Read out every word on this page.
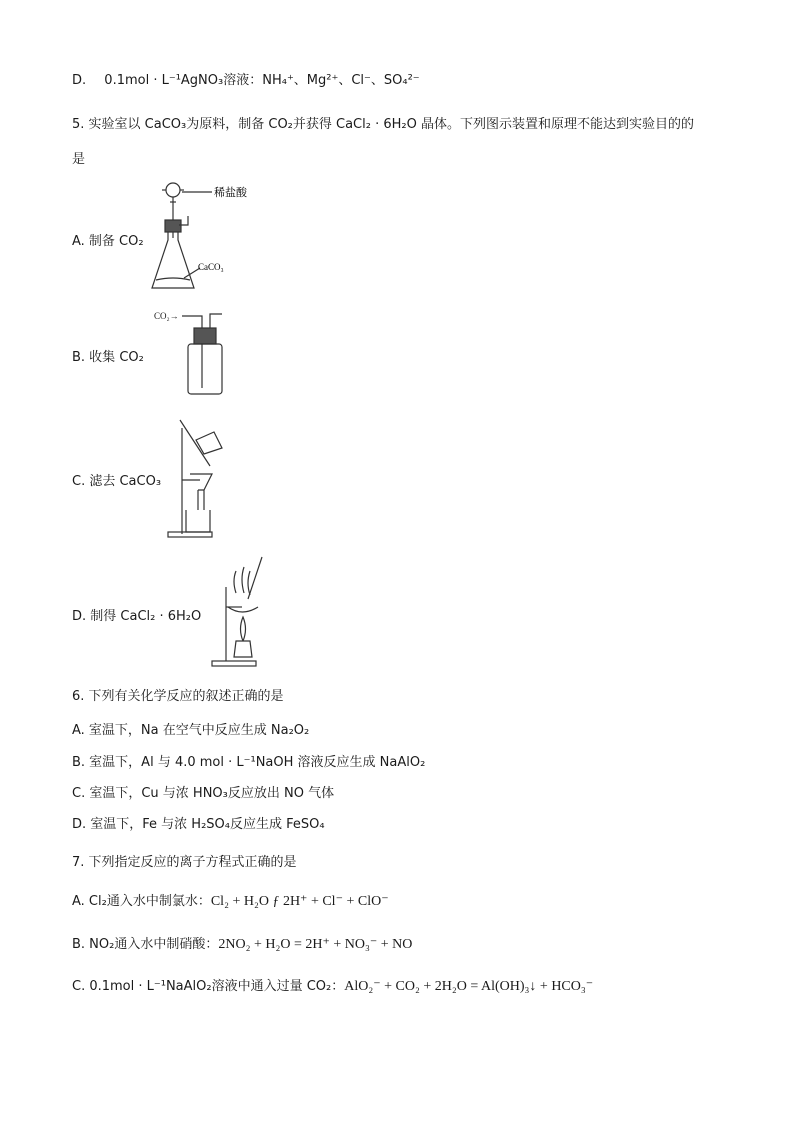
D. 0.1mol · L⁻¹AgNO₃溶液：NH₄⁺、Mg²⁺、Cl⁻、SO₄²⁻
5. 实验室以 CaCO₃为原料，制备 CO₂并获得 CaCl₂ · 6H₂O 晶体。下列图示装置和原理不能达到实验目的的
是
A. 制备 CO₂
稀盐酸
CaCO₃
B. 收集 CO₂
CO₂→
C. 滤去 CaCO₃
D. 制得 CaCl₂ · 6H₂O
6. 下列有关化学反应的叙述正确的是
A. 室温下，Na 在空气中反应生成 Na₂O₂
B. 室温下，Al 与 4.0 mol · L⁻¹NaOH 溶液反应生成 NaAlO₂
C. 室温下，Cu 与浓 HNO₃反应放出 NO 气体
D. 室温下，Fe 与浓 H₂SO₄反应生成 FeSO₄
7. 下列指定反应的离子方程式正确的是
A. Cl₂通入水中制氯水：Cl₂ + H₂O ƒ 2H⁺ + Cl⁻ + ClO⁻
B. NO₂通入水中制硝酸：2NO₂ + H₂O = 2H⁺ + NO₃⁻ + NO
C. 0.1mol · L⁻¹NaAlO₂溶液中通入过量 CO₂：AlO₂⁻ + CO₂ + 2H₂O = Al(OH)₃↓ + HCO₃⁻
